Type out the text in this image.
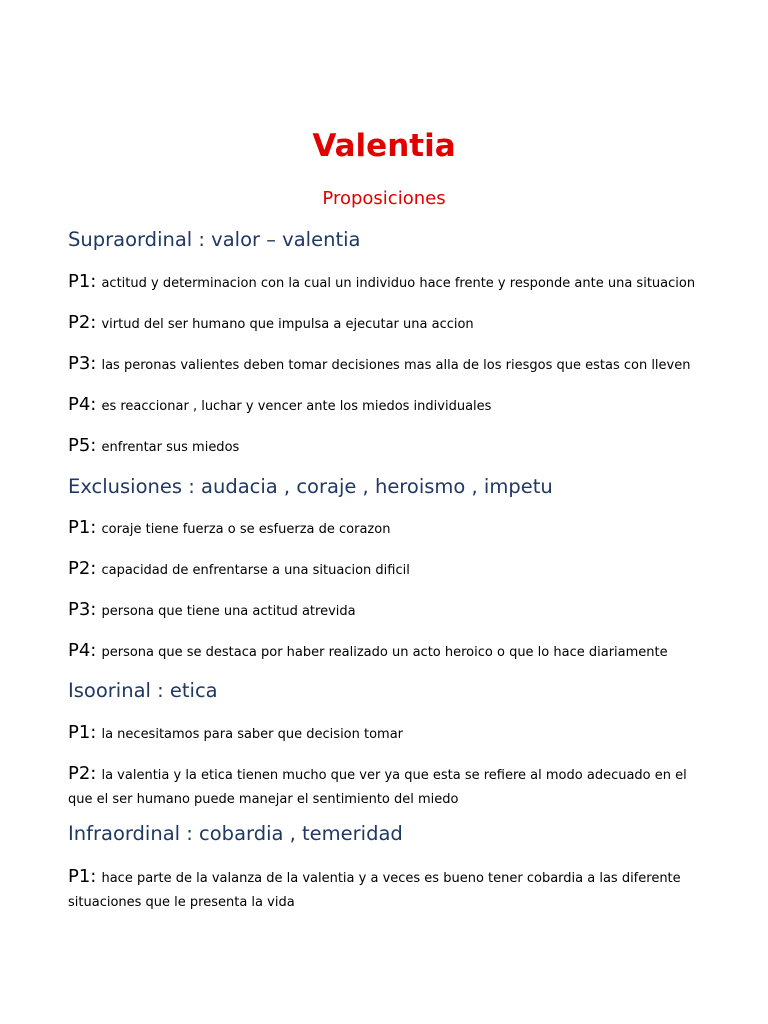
Valentia
Proposiciones
Supraordinal : valor – valentia
P1: actitud y determinacion con la cual un individuo hace frente y responde ante una situacion
P2: virtud del ser humano que impulsa a ejecutar una accion
P3: las peronas valientes deben tomar decisiones mas alla de los riesgos que estas con lleven
P4: es reaccionar , luchar y vencer ante los miedos individuales
P5: enfrentar sus miedos
Exclusiones : audacia , coraje , heroismo , impetu
P1: coraje tiene fuerza o se esfuerza de corazon
P2: capacidad de enfrentarse a una situacion dificil
P3: persona que tiene una actitud atrevida
P4: persona que se destaca por haber realizado un acto heroico o que lo hace diariamente
Isoorinal : etica
P1: la necesitamos para saber que decision tomar
P2: la valentia y la etica tienen mucho que ver ya que esta se refiere al modo adecuado en el que el ser humano puede manejar el sentimiento del miedo
Infraordinal : cobardia , temeridad
P1: hace parte de la valanza de la valentia y a veces es bueno tener cobardia a las diferente situaciones que le presenta la vida
